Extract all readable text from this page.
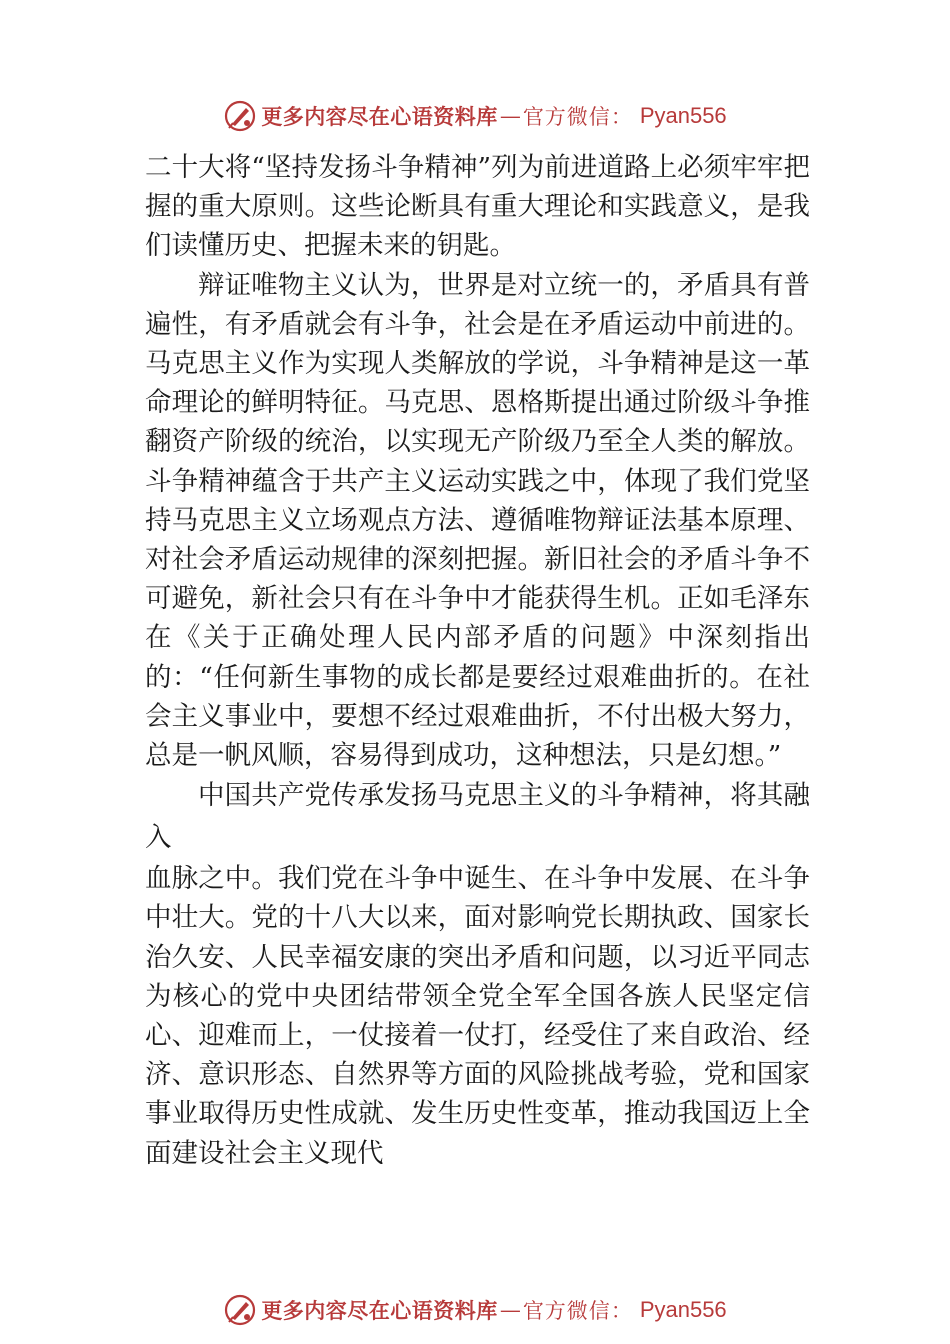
更多内容尽在心语资料库 — 官方微信 ： Pyan556

二十大将“坚持发扬斗争精神”列为前进道路上必须牢牢把握的重大原则。这些论断具有重大理论和实践意义，是我们读懂历史、把握未来的钥匙。

辩证唯物主义认为，世界是对立统一的，矛盾具有普遍性，有矛盾就会有斗争，社会是在矛盾运动中前进的。马克思主义作为实现人类解放的学说，斗争精神是这一革命理论的鲜明特征。马克思、恩格斯提出通过阶级斗争推翻资产阶级的统治，以实现无产阶级乃至全人类的解放。斗争精神蕴含于共产主义运动实践之中，体现了我们党坚持马克思主义立场观点方法、遵循唯物辩证法基本原理、对社会矛盾运动规律的深刻把握。新旧社会的矛盾斗争不可避免，新社会只有在斗争中才能获得生机。正如毛泽东在《关于正确处理人民内部矛盾的问题》中深刻指出的：“任何新生事物的成长都是要经过艰难曲折的。在社会主义事业中，要想不经过艰难曲折，不付出极大努力，总是一帆风顺，容易得到成功，这种想法，只是幻想。”

中国共产党传承发扬马克思主义的斗争精神，将其融入

血脉之中。我们党在斗争中诞生、在斗争中发展、在斗争中壮大。党的十八大以来，面对影响党长期执政、国家长治久安、人民幸福安康的突出矛盾和问题，以习近平同志为核心的党中央团结带领全党全军全国各族人民坚定信心、迎难而上，一仗接着一仗打，经受住了来自政治、经济、意识形态、自然界等方面的风险挑战考验，党和国家事业取得历史性成就、发生历史性变革，推动我国迈上全面建设社会主义现代

更多内容尽在心语资料库 — 官方微信 ： Pyan556
